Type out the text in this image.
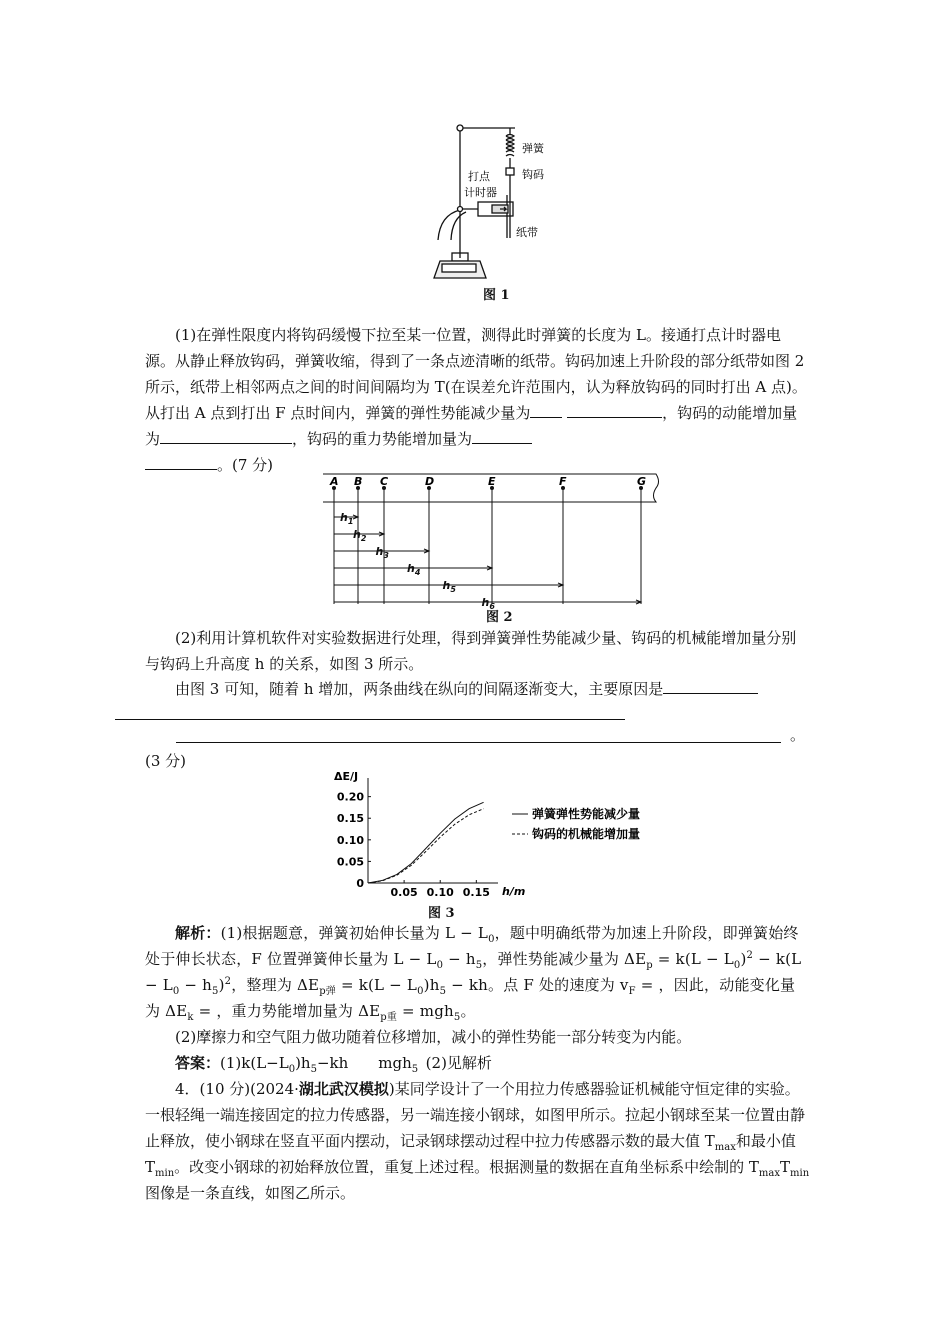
弹簧
钩码
打点
计时器
纸带
图 1
(1)在弹性限度内将钩码缓慢下拉至某一位置，测得此时弹簧的长度为 L。接通打点计时器电源。从静止释放钩码，弹簧收缩，得到了一条点迹清晰的纸带。钩码加速上升阶段的部分纸带如图 2 所示，纸带上相邻两点之间的时间间隔均为 T(在误差允许范围内，认为释放钩码的同时打出 A 点)。从打出 A 点到打出 F 点时间内，弹簧的弹性势能减少量为	，钩码的动能增加量为	，钩码的重力势能增加量为
。(7 分)
A B C	D	E	F	G
$h_1$
$h_2$
$h_3$
$h_4$
$h_5$
$h_6$
图 2
(2)利用计算机软件对实验数据进行处理，得到弹簧弹性势能减少量、钩码的机械能增加量分别与钩码上升高度 h 的关系，如图 3 所示。
由图 3 可知，随着 h 增加，两条曲线在纵向的间隔逐渐变大，主要原因是

。
(3 分)
ΔE/J
h/m
0
0.05
0.10
0.15
0.20
0.05 0.10 0.15
弹簧弹性势能减少量
钩码的机械能增加量
图 3
解析：(1)根据题意，弹簧初始伸长量为 $L - L_0$，题中明确纸带为加速上升阶段，即弹簧始终处于伸长状态，F 位置弹簧伸长量为 $L - L_0 - h_5$，弹性势能减少量为 $\Delta E_p = k(L - L_0)^2 - k(L - L_0 - h_5)^2$，整理为 $\Delta E_{p弹} = k(L - L_0)h_5$ − kh。点 F 处的速度为 $v_F$ = ，因此，动能变化量为 $\Delta E_k$ = ，重力势能增加量为 $\Delta E_{p重} = mgh_5$。
(2)摩擦力和空气阻力做功随着位移增加，减小的弹性势能一部分转变为内能。
答案：$(1)k(L-L_0)h_5-kh$   mgh$_5$  (2)见解析
4．(10 分)(2024·湖北武汉模拟)某同学设计了一个用拉力传感器验证机械能守恒定律的实验。一根轻绳一端连接固定的拉力传感器，另一端连接小钢球，如图甲所示。拉起小钢球至某一位置由静止释放，使小钢球在竖直平面内摆动，记录钢球摆动过程中拉力传感器示数的最大值 $T_{max}$和最小值 $T_{min}$。改变小钢球的初始释放位置，重复上述过程。根据测量的数据在直角坐标系中绘制的 $T_{max}T_{min}$图像是一条直线，如图乙所示。
